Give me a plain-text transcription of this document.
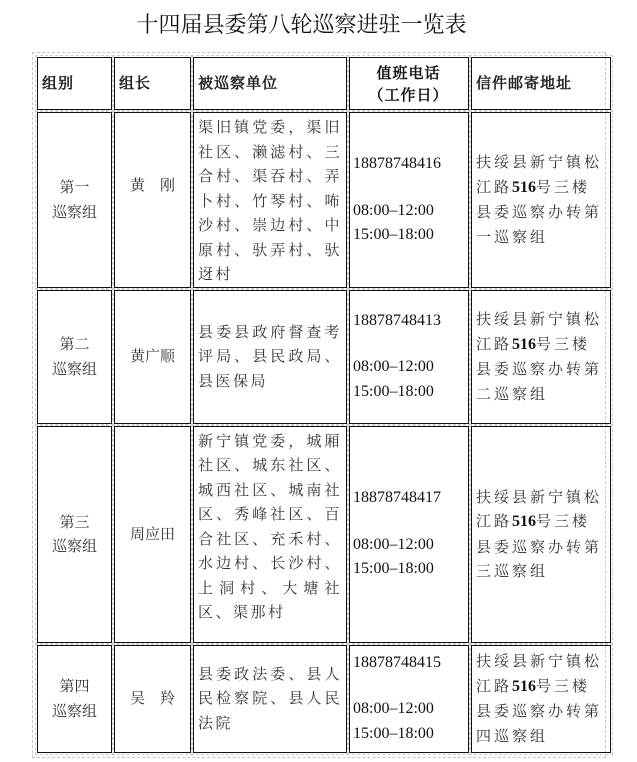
十四届县委第八轮巡察进驻一览表
组别	组长	被巡察单位	值班电话
（工作日）	信件邮寄地址

第一
巡察组	黄　刚	渠旧镇党委，渠旧社区、濑滤村、三合村、渠吞村、弄卜村、竹琴村、咘沙村、崇边村、中原村、驮弄村、驮迓村	18878748416
08:00–12:00
15:00–18:00	扶绥县新宁镇松江路516号三楼县委巡察办转第一巡察组

第二
巡察组	黄广顺	县委县政府督查考评局、县民政局、县医保局	18878748413
08:00–12:00
15:00–18:00	扶绥县新宁镇松江路516号三楼县委巡察办转第二巡察组

第三
巡察组	周应田	新宁镇党委，城厢社区、城东社区、城西社区、城南社区、秀峰社区、百合社区、充禾村、水边村、长沙村、上洞村、大塘社区、渠那村	18878748417
08:00–12:00
15:00–18:00	扶绥县新宁镇松江路516号三楼县委巡察办转第三巡察组

第四
巡察组	吴　羚	县委政法委、县人民检察院、县人民法院	18878748415
08:00–12:00
15:00–18:00	扶绥县新宁镇松江路516号三楼县委巡察办转第四巡察组
